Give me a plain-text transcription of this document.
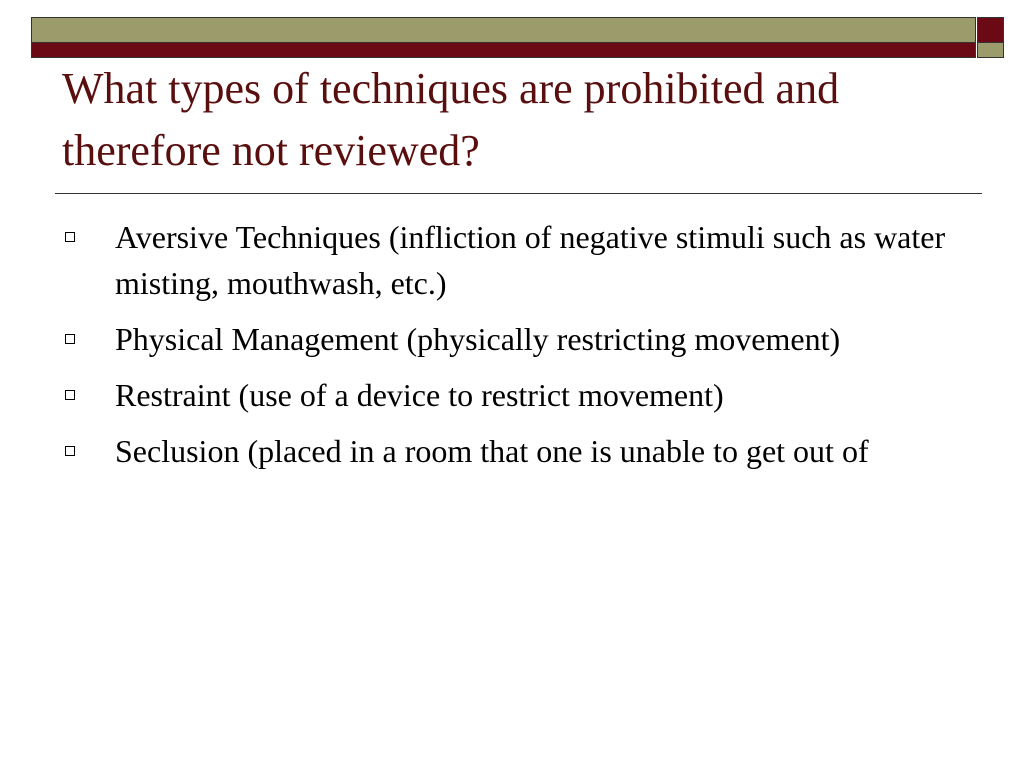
What types of techniques are prohibited and therefore not reviewed?
Aversive Techniques (infliction of negative stimuli such as water misting, mouthwash, etc.)
Physical Management (physically restricting movement)
Restraint (use of a device to restrict movement)
Seclusion (placed in a room that one is unable to get out of
